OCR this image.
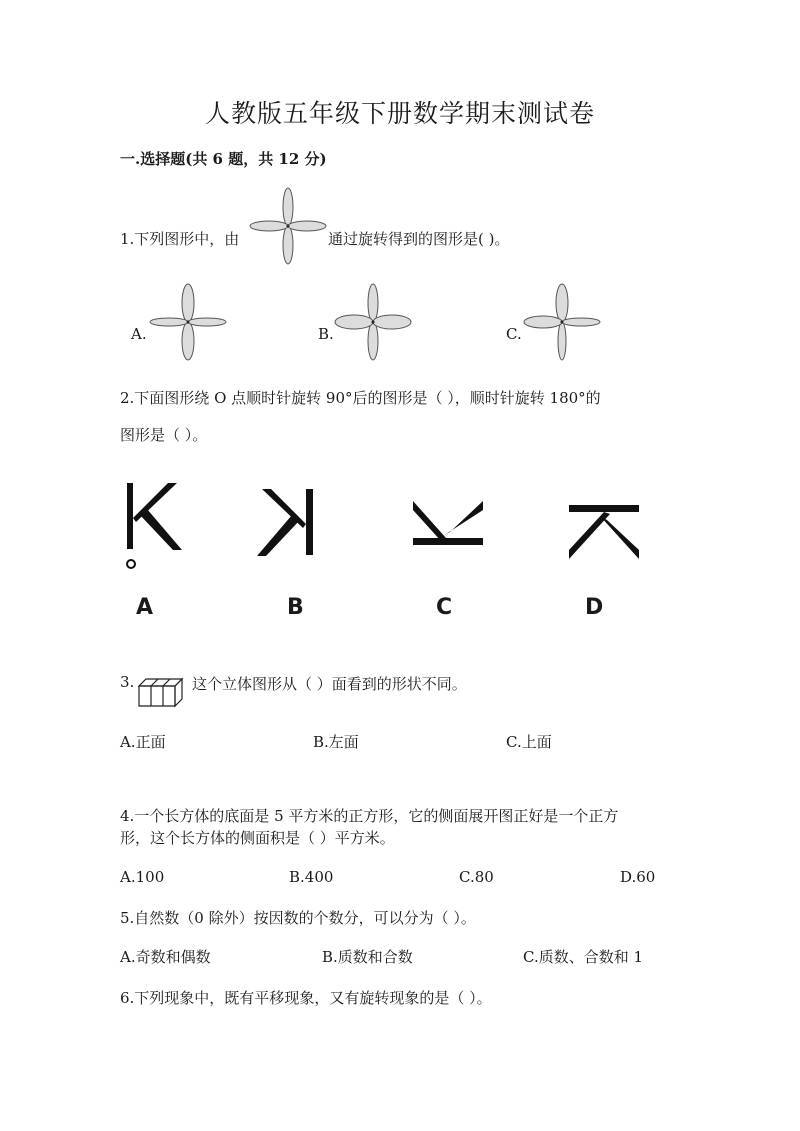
人教版五年级下册数学期末测试卷
一.选择题(共 6 题，共 12 分)
1.下列图形中，由	通过旋转得到的图形是( )。
A.	B.	C.
2.下面图形绕 O 点顺时针旋转 90°后的图形是（ ），顺时针旋转 180°的
图形是（ ）。
A	B	C	D
3.	这个立体图形从（ ）面看到的形状不同。
A.正面	B.左面	C.上面
4.一个长方体的底面是 5 平方米的正方形，它的侧面展开图正好是一个正方
形，这个长方体的侧面积是（ ）平方米。
A.100	B.400	C.80	D.60
5.自然数（0 除外）按因数的个数分，可以分为（ ）。
A.奇数和偶数	B.质数和合数	C.质数、合数和 1
6.下列现象中，既有平移现象，又有旋转现象的是（ ）。
